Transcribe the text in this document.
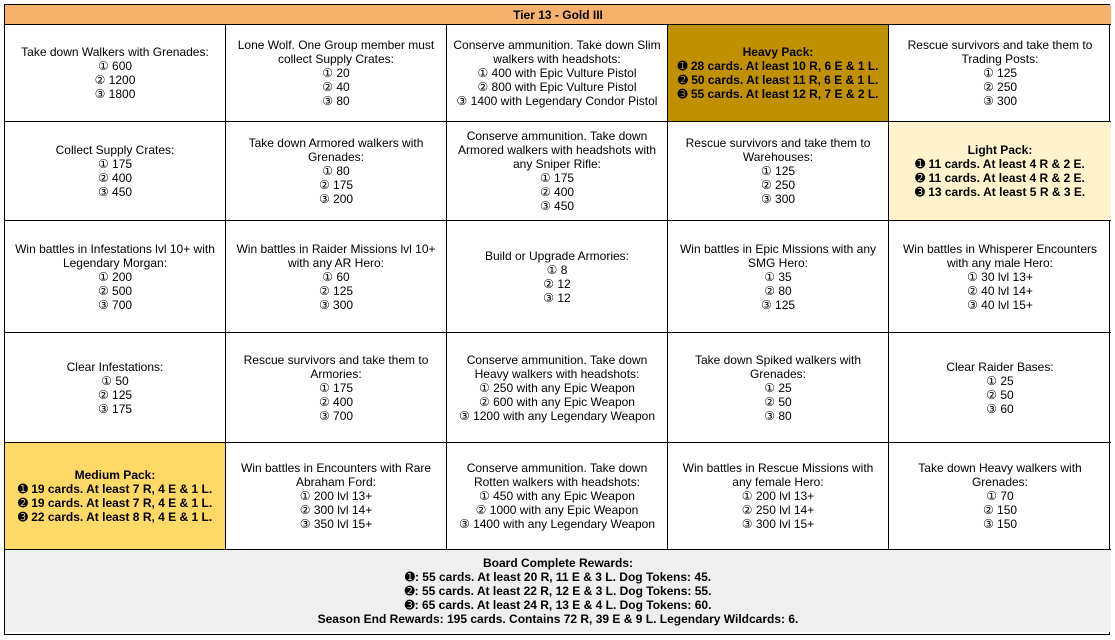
Tier 13 - Gold III
Take down Walkers with Grenades:
① 600
② 1200
③ 1800
Lone Wolf. One Group member must collect Supply Crates:
① 20
② 40
③ 80
Conserve ammunition. Take down Slim walkers with headshots:
① 400 with Epic Vulture Pistol
② 800 with Epic Vulture Pistol
③ 1400 with Legendary Condor Pistol
Heavy Pack:
➊ 28 cards. At least 10 R, 6 E & 1 L.
➋ 50 cards. At least 11 R, 6 E & 1 L.
➌ 55 cards. At least 12 R, 7 E & 2 L.
Rescue survivors and take them to Trading Posts:
① 125
② 250
③ 300
Collect Supply Crates:
① 175
② 400
③ 450
Take down Armored walkers with Grenades:
① 80
② 175
③ 200
Conserve ammunition. Take down Armored walkers with headshots with any Sniper Rifle:
① 175
② 400
③ 450
Rescue survivors and take them to Warehouses:
① 125
② 250
③ 300
Light Pack:
➊ 11 cards. At least 4 R & 2 E.
➋ 11 cards. At least 4 R & 2 E.
➌ 13 cards. At least 5 R & 3 E.
Win battles in Infestations lvl 10+ with Legendary Morgan:
① 200
② 500
③ 700
Win battles in Raider Missions lvl 10+ with any AR Hero:
① 60
② 125
③ 300
Build or Upgrade Armories:
① 8
② 12
③ 12
Win battles in Epic Missions with any SMG Hero:
① 35
② 80
③ 125
Win battles in Whisperer Encounters with any male Hero:
① 30 lvl 13+
② 40 lvl 14+
③ 40 lvl 15+
Clear Infestations:
① 50
② 125
③ 175
Rescue survivors and take them to Armories:
① 175
② 400
③ 700
Conserve ammunition. Take down Heavy walkers with headshots:
① 250 with any Epic Weapon
② 600 with any Epic Weapon
③ 1200 with any Legendary Weapon
Take down Spiked walkers with Grenades:
① 25
② 50
③ 80
Clear Raider Bases:
① 25
② 50
③ 60
Medium Pack:
➊ 19 cards. At least 7 R, 4 E & 1 L.
➋ 19 cards. At least 7 R, 4 E & 1 L.
➌ 22 cards. At least 8 R, 4 E & 1 L.
Win battles in Encounters with Rare Abraham Ford:
① 200 lvl 13+
② 300 lvl 14+
③ 350 lvl 15+
Conserve ammunition. Take down Rotten walkers with headshots:
① 450 with any Epic Weapon
② 1000 with any Epic Weapon
③ 1400 with any Legendary Weapon
Win battles in Rescue Missions with any female Hero:
① 200 lvl 13+
② 250 lvl 14+
③ 300 lvl 15+
Take down Heavy walkers with Grenades:
① 70
② 150
③ 150
Board Complete Rewards:
➊: 55 cards. At least 20 R, 11 E & 3 L. Dog Tokens: 45.
➋: 55 cards. At least 22 R, 12 E & 3 L. Dog Tokens: 55.
➌: 65 cards. At least 24 R, 13 E & 4 L. Dog Tokens: 60.
Season End Rewards: 195 cards. Contains 72 R, 39 E & 9 L. Legendary Wildcards: 6.
